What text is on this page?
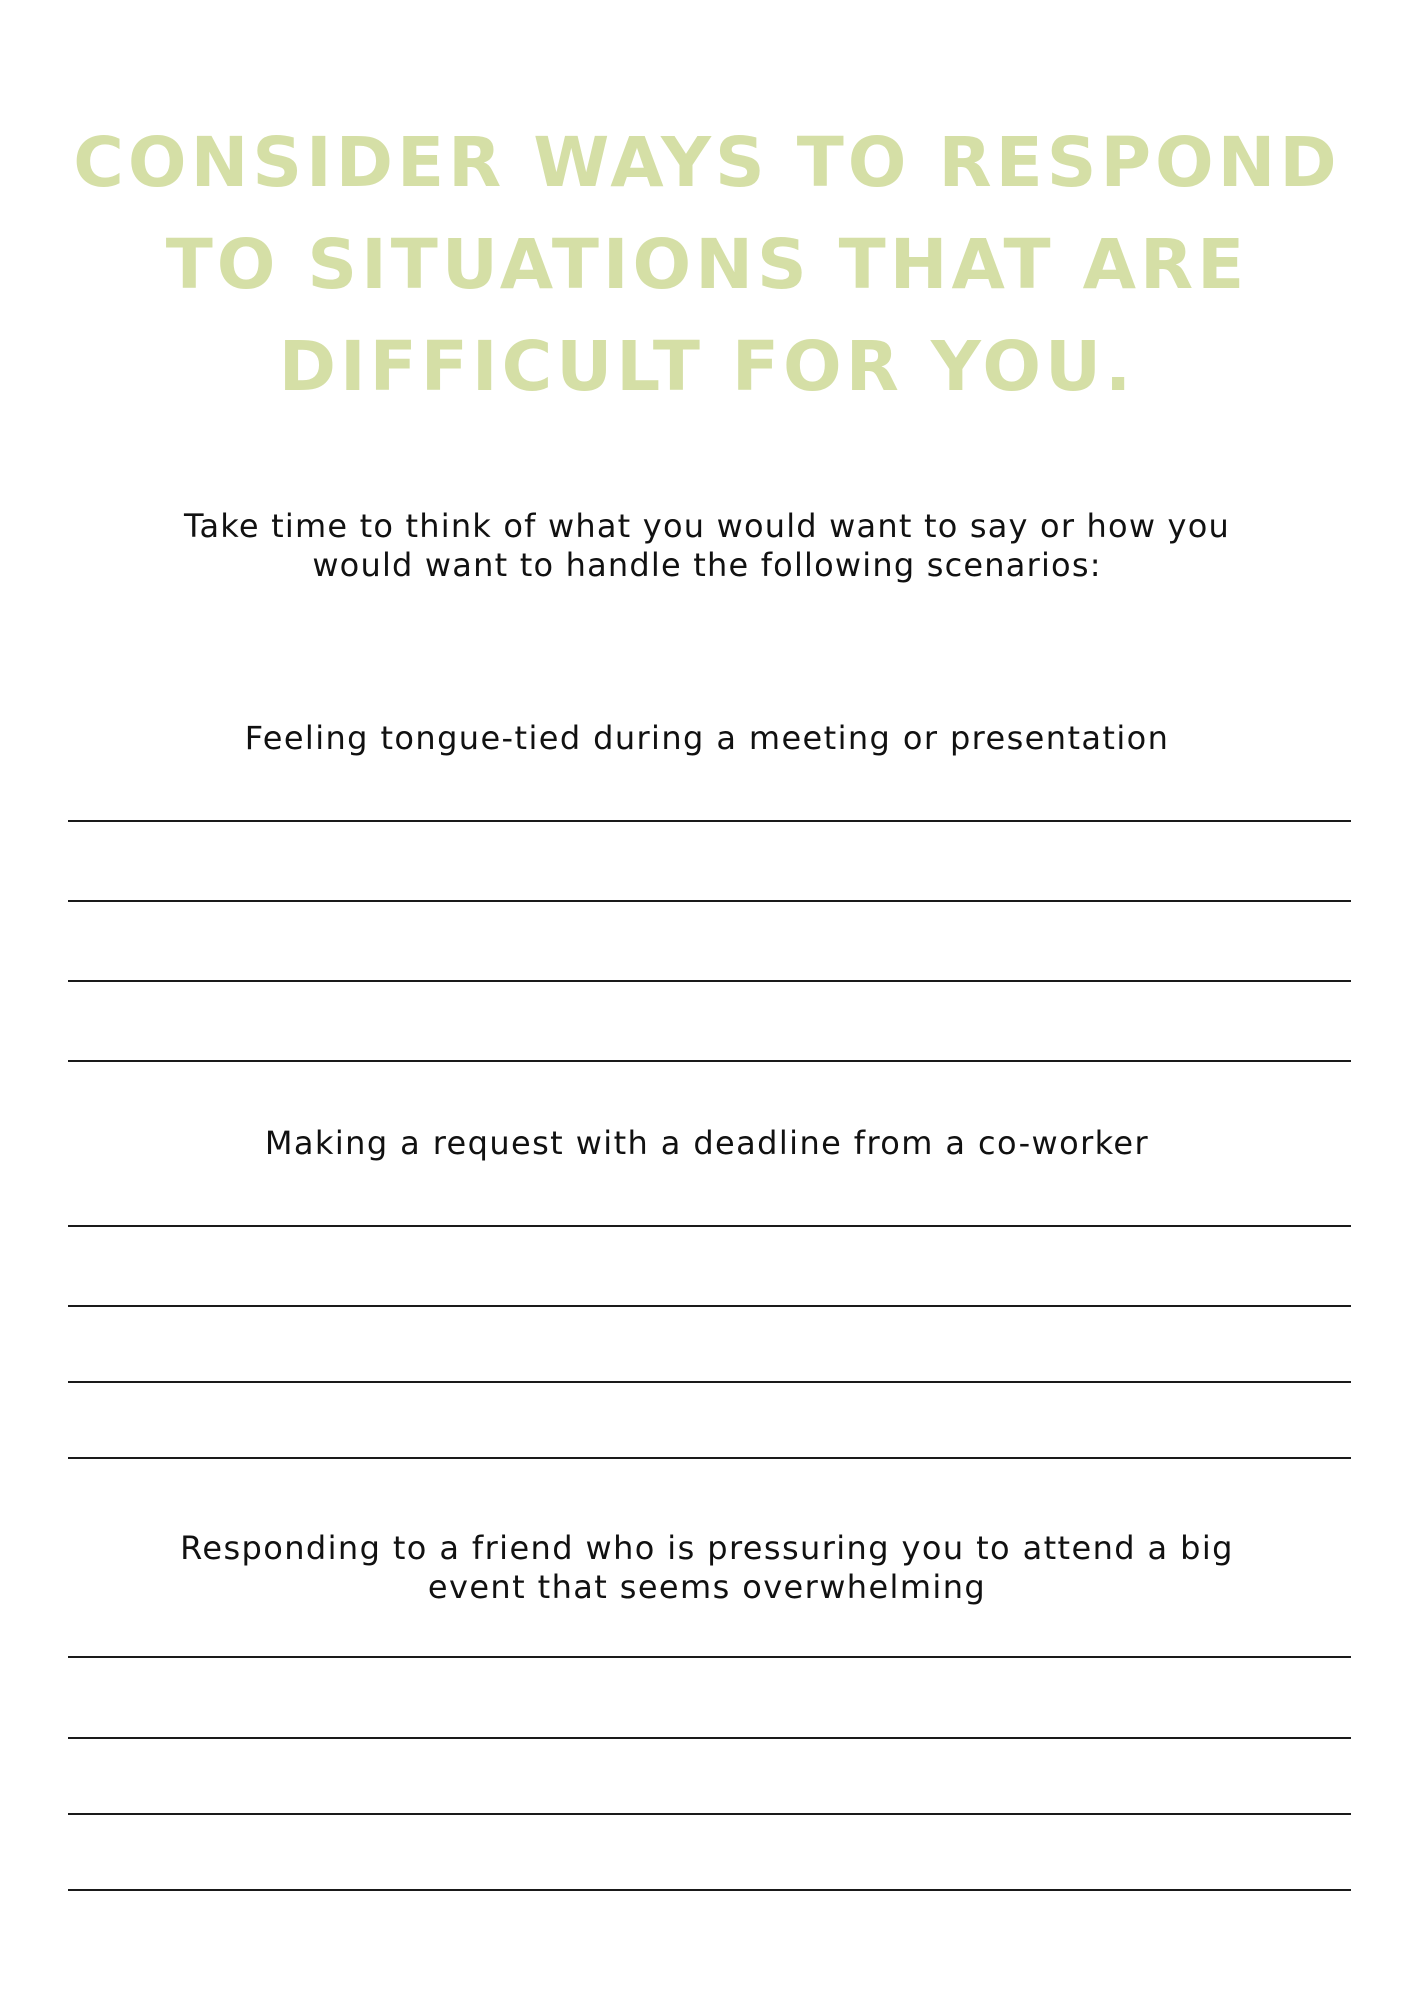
CONSIDER WAYS TO RESPOND
TO SITUATIONS THAT ARE
DIFFICULT FOR YOU.

Take time to think of what you would want to say or how you
would want to handle the following scenarios:

Feeling tongue-tied during a meeting or presentation

Making a request with a deadline from a co-worker

Responding to a friend who is pressuring you to attend a big
event that seems overwhelming
